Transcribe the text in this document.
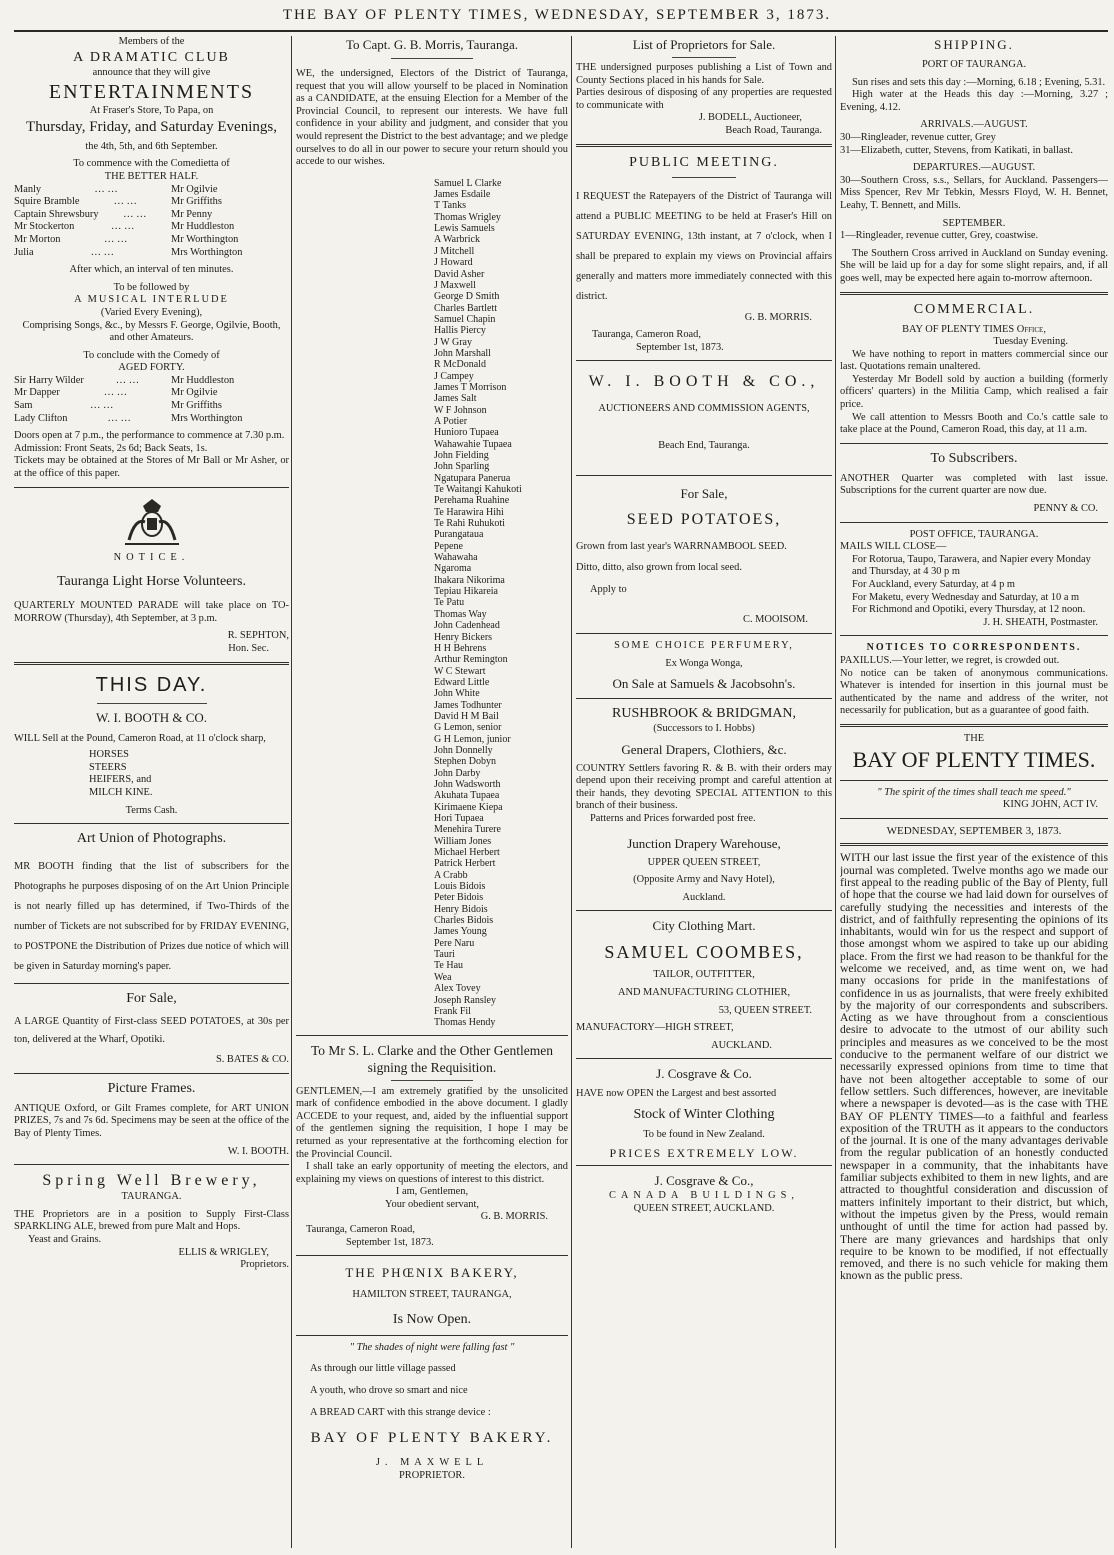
THE BAY OF PLENTY TIMES, WEDNESDAY, SEPTEMBER 3, 1873.

Members of the

A DRAMATIC CLUB

announce that they will give

ENTERTAINMENTS

At Fraser's Store, To Papa, on

Thursday, Friday, and Saturday Evenings,

the 4th, 5th, and 6th September.

To commence with the Comedietta of

THE BETTER HALF.

Manly	… …	Mr Ogilvie
Squire Bramble	… …	Mr Griffiths
Captain Shrewsbury … … Mr Penny
Mr Stockerton	… …	Mr Huddleston
Mr Morton	… …	Mr Worthington
Julia	… …	Mrs Worthington

After which, an interval of ten minutes.

To be followed by

A MUSICAL INTERLUDE

(Varied Every Evening),

Comprising Songs, &c., by Messrs F. George, Ogilvie, Booth, and other Amateurs.

To conclude with the Comedy of

AGED FORTY.

Sir Harry Wilder	… …	Mr Huddleston
Mr Dapper	… …	Mr Ogilvie
Sam	… …	Mr Griffiths
Lady Clifton	… …	Mrs Worthington

Doors open at 7 p.m., the performance to commence at 7.30 p.m.

Admission: Front Seats, 2s 6d; Back Seats, 1s.

Tickets may be obtained at the Stores of Mr Ball or Mr Asher, or at the office of this paper.

NOTICE.

Tauranga Light Horse Volunteers.

QUARTERLY MOUNTED PARADE will take place on TO-MORROW (Thursday), 4th September, at 3 p.m.

R. SEPHTON,

Hon. Sec.

THIS DAY.

W. I. BOOTH & CO.

WILL Sell at the Pound, Cameron Road, at 11 o'clock sharp,

HORSES
STEERS
HEIFERS, and
MILCH KINE.

Terms Cash.

Art Union of Photographs.

MR BOOTH finding that the list of subscribers for the Photographs he purposes disposing of on the Art Union Principle is not nearly filled up has determined, if Two-Thirds of the number of Tickets are not subscribed for by FRIDAY EVENING, to POSTPONE the Distribution of Prizes due notice of which will be given in Saturday morning's paper.

For Sale,

A LARGE Quantity of First-class SEED POTATOES, at 30s per ton, delivered at the Wharf, Opotiki.

S. BATES & CO.

Picture Frames.

ANTIQUE Oxford, or Gilt Frames complete, for ART UNION PRIZES, 7s and 7s 6d. Specimens may be seen at the office of the Bay of Plenty Times.

W. I. BOOTH.

Spring Well Brewery,

TAURANGA.

THE Proprietors are in a position to Supply First-Class SPARKLING ALE, brewed from pure Malt and Hops.

Yeast and Grains.

ELLIS & WRIGLEY,

Proprietors.

To Capt. G. B. Morris, Tauranga.

WE, the undersigned, Electors of the District of Tauranga, request that you will allow yourself to be placed in Nomination as a CANDIDATE, at the ensuing Election for a Member of the Provincial Council, to represent our interests. We have full confidence in your ability and judgment, and consider that you would represent the District to the best advantage; and we pledge ourselves to do all in our power to secure your return should you accede to our wishes.

Samuel L Clarke
James Esdaile
T Tanks
Thomas Wrigley
Lewis Samuels
A Warbrick
J Mitchell
J Howard
David Asher
J Maxwell
George D Smith
Charles Bartlett
Samuel Chapin
Hallis Piercy
J W Gray
John Marshall
R McDonald
J Campey
James T Morrison
James Salt
W F Johnson
A Potier
Hunioro Tupaea
Wahawahie Tupaea
John Fielding
John Sparling
Ngatupara Panerua
Te Waitangi Kahukoti
Perehama Ruahine
Te Harawira Hihi
Te Rahi Ruhukoti
Purangataua
Pepene
Wahawaha
Ngaroma
Ihakara Nikorima
Tepiau Hikareia
Te Patu
Thomas Way
John Cadenhead
Henry Bickers
H H Behrens
Arthur Remington
W C Stewart
Edward Little
John White
James Todhunter
David H M Bail
G Lemon, senior
G H Lemon, junior
John Donnelly
Stephen Dobyn
John Darby
John Wadsworth
Akuhata Tupaea
Kirimaene Kiepa
Hori Tupaea
Menehira Turere
William Jones
Michael Herbert
Patrick Herbert
A Crabb
Louis Bidois
Peter Bidois
Henry Bidois
Charles Bidois
James Young
Pere Naru
Tauri
Te Hau
Wea
Alex Tovey
Joseph Ransley
Frank Fil
Thomas Hendy

To Mr S. L. Clarke and the Other Gentlemen signing the Requisition.

GENTLEMEN,—I am extremely gratified by the unsolicited mark of confidence embodied in the above document. I gladly ACCEDE to your request, and, aided by the influential support of the gentlemen signing the requisition, I hope I may be returned as your representative at the forthcoming election for the Provincial Council.

I shall take an early opportunity of meeting the electors, and explaining my views on questions of interest to this district.

I am, Gentlemen,

Your obedient servant,

G. B. MORRIS.

Tauranga, Cameron Road,

September 1st, 1873.

THE PHŒNIX BAKERY,

HAMILTON STREET, TAURANGA,

Is Now Open.

" The shades of night were falling fast "

As through our little village passed

A youth, who drove so smart and nice

A BREAD CART with this strange device :

BAY OF PLENTY BAKERY.

J. MAXWELL

PROPRIETOR.

List of Proprietors for Sale.

THE undersigned purposes publishing a List of Town and County Sections placed in his hands for Sale.

Parties desirous of disposing of any properties are requested to communicate with

J. BODELL, Auctioneer,

Beach Road, Tauranga.

PUBLIC MEETING.

I REQUEST the Ratepayers of the District of Tauranga will attend a PUBLIC MEETING to be held at Fraser's Hill on SATURDAY EVENING, 13th instant, at 7 o'clock, when I shall be prepared to explain my views on Provincial affairs generally and matters more immediately connected with this district.

G. B. MORRIS.

Tauranga, Cameron Road,

September 1st, 1873.

W. I. BOOTH & CO.,

AUCTIONEERS AND COMMISSION AGENTS,

Beach End, Tauranga.

For Sale,

SEED POTATOES,

Grown from last year's WARRNAMBOOL SEED.

Ditto, ditto, also grown from local seed.

Apply to

C. MOOISOM.

SOME CHOICE PERFUMERY,

Ex Wonga Wonga,

On Sale at Samuels & Jacobsohn's.

RUSHBROOK & BRIDGMAN,

(Successors to I. Hobbs)

General Drapers, Clothiers, &c.

COUNTRY Settlers favoring R. & B. with their orders may depend upon their receiving prompt and careful attention at their hands, they devoting SPECIAL ATTENTION to this branch of their business.

Patterns and Prices forwarded post free.

Junction Drapery Warehouse,

UPPER QUEEN STREET,

(Opposite Army and Navy Hotel),

Auckland.

City Clothing Mart.

SAMUEL COOMBES,

TAILOR, OUTFITTER,

AND MANUFACTURING CLOTHIER,

53, QUEEN STREET.

MANUFACTORY—HIGH STREET,

AUCKLAND.

J. Cosgrave & Co.

HAVE now OPEN the Largest and best assorted

Stock of Winter Clothing

To be found in New Zealand.

PRICES EXTREMELY LOW.

J. Cosgrave & Co.,

CANADA BUILDINGS,

QUEEN STREET, AUCKLAND.

SHIPPING.

PORT OF TAURANGA.

Sun rises and sets this day :—Morning, 6.18 ; Evening, 5.31.

High water at the Heads this day :—Morning, 3.27 ; Evening, 4.12.

ARRIVALS.—AUGUST.

30—Ringleader, revenue cutter, Grey

31—Elizabeth, cutter, Stevens, from Katikati, in ballast.

DEPARTURES.—AUGUST.

30—Southern Cross, s.s., Sellars, for Auckland. Passengers—Miss Spencer, Rev Mr Tebkin, Messrs Floyd, W. H. Bennet, Leahy, T. Bennett, and Mills.

SEPTEMBER.

1—Ringleader, revenue cutter, Grey, coastwise.

The Southern Cross arrived in Auckland on Sunday evening. She will be laid up for a day for some slight repairs, and, if all goes well, may be expected here again to-morrow afternoon.

COMMERCIAL.

BAY OF PLENTY TIMES Office,

Tuesday Evening.

We have nothing to report in matters commercial since our last. Quotations remain unaltered.

Yesterday Mr Bodell sold by auction a building (formerly officers' quarters) in the Militia Camp, which realised a fair price.

We call attention to Messrs Booth and Co.'s cattle sale to take place at the Pound, Cameron Road, this day, at 11 a.m.

To Subscribers.

ANOTHER Quarter was completed with last issue. Subscriptions for the current quarter are now due.

PENNY & CO.

POST OFFICE, TAURANGA.

MAILS WILL CLOSE—

For Rotorua, Taupo, Tarawera, and Napier every Monday and Thursday, at 4 30 p m

For Auckland, every Saturday, at 4 p m

For Maketu, every Wednesday and Saturday, at 10 a m

For Richmond and Opotiki, every Thursday, at 12 noon.

J. H. SHEATH, Postmaster.

NOTICES TO CORRESPONDENTS.

PAXILLUS.—Your letter, we regret, is crowded out.

No notice can be taken of anonymous communications. Whatever is intended for insertion in this journal must be authenticated by the name and address of the writer, not necessarily for publication, but as a guarantee of good faith.

THE

BAY OF PLENTY TIMES.

" The spirit of the times shall teach me speed."

KING JOHN, ACT IV.

WEDNESDAY, SEPTEMBER 3, 1873.

WITH our last issue the first year of the existence of this journal was completed. Twelve months ago we made our first appeal to the reading public of the Bay of Plenty, full of hope that the course we had laid down for ourselves of carefully studying the necessities and interests of the district, and of faithfully representing the opinions of its inhabitants, would win for us the respect and support of those amongst whom we aspired to take up our abiding place. From the first we had reason to be thankful for the welcome we received, and, as time went on, we had many occasions for pride in the manifestations of confidence in us as journalists, that were freely exhibited by the majority of our correspondents and subscribers. Acting as we have throughout from a conscientious desire to advocate to the utmost of our ability such principles and measures as we conceived to be the most conducive to the permanent welfare of our district we necessarily expressed opinions from time to time that have not been altogether acceptable to some of our fellow settlers. Such differences, however, are inevitable where a newspaper is devoted—as is the case with THE BAY OF PLENTY TIMES—to a faithful and fearless exposition of the TRUTH as it appears to the conductors of the journal. It is one of the many advantages derivable from the regular publication of an honestly conducted newspaper in a community, that the inhabitants have familiar subjects exhibited to them in new lights, and are attracted to thoughtful consideration and discussion of matters infinitely important to their district, but which, without the impetus given by the Press, would remain unthought of until the time for action had passed by. There are many grievances and hardships that only require to be known to be modified, if not effectually removed, and there is no such vehicle for making them known as the public press.
